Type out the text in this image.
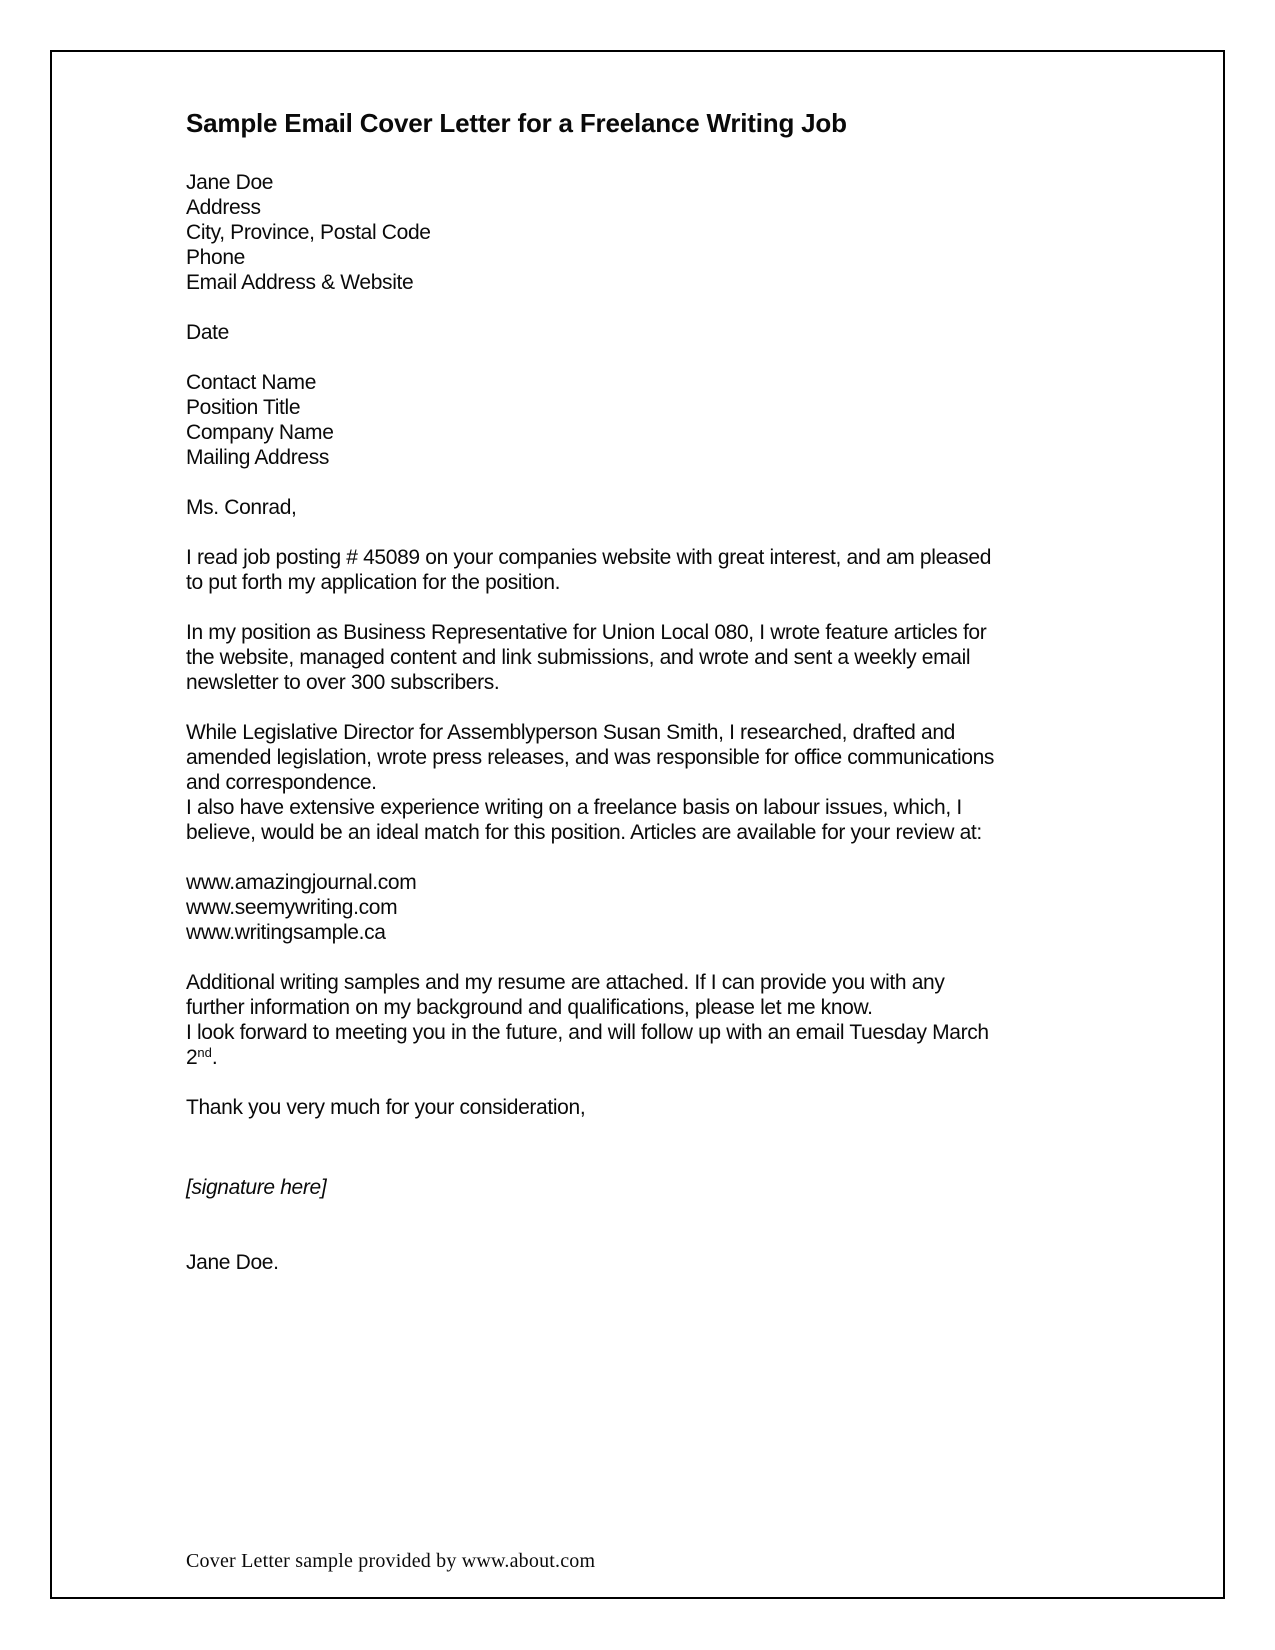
Sample Email Cover Letter for a Freelance Writing Job
Jane Doe
Address
City, Province, Postal Code
Phone
Email Address & Website
Date
Contact Name
Position Title
Company Name
Mailing Address
Ms. Conrad,
I read job posting # 45089 on your companies website with great interest, and am pleased
to put forth my application for the position.
In my position as Business Representative for Union Local 080, I wrote feature articles for
the website, managed content and link submissions, and wrote and sent a weekly email
newsletter to over 300 subscribers.
While Legislative Director for Assemblyperson Susan Smith, I researched, drafted and
amended legislation, wrote press releases, and was responsible for office communications
and correspondence.
I also have extensive experience writing on a freelance basis on labour issues, which, I
believe, would be an ideal match for this position. Articles are available for your review at:
www.amazingjournal.com
www.seemywriting.com
www.writingsample.ca
Additional writing samples and my resume are attached. If I can provide you with any
further information on my background and qualifications, please let me know.
I look forward to meeting you in the future, and will follow up with an email Tuesday March
2nd.
Thank you very much for your consideration,
[signature here]
Jane Doe.
Cover Letter sample provided by www.about.com
